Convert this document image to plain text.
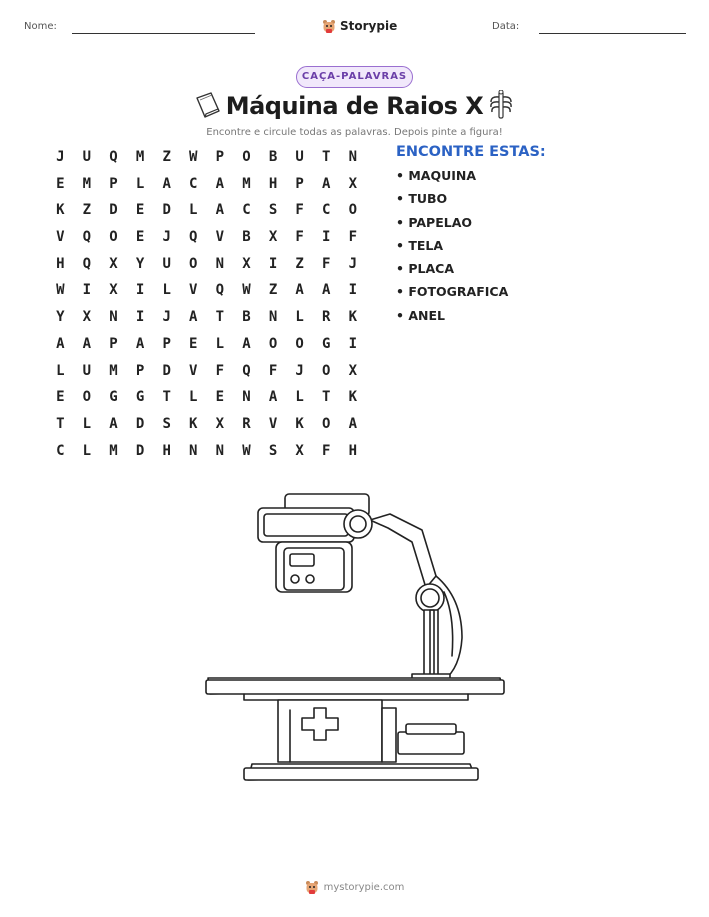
Nome:	Storypie	Data:
CAÇA-PALAVRAS
Máquina de Raios X
Encontre e circule todas as palavras. Depois pinte a figura!
J	U	Q	M	Z	W	P	O	B	U	T	N
E	M	P	L	A	C	A	M	H	P	A	X
K	Z	D	E	D	L	A	C	S	F	C	O
V	Q	O	E	J	Q	V	B	X	F	I	F
H	Q	X	Y	U	O	N	X	I	Z	F	J
W	I	X	I	L	V	Q	W	Z	A	A	I
Y	X	N	I	J	A	T	B	N	L	R	K
A	A	P	A	P	E	L	A	O	O	G	I
L	U	M	P	D	V	F	Q	F	J	O	X
E	O	G	G	T	L	E	N	A	L	T	K
T	L	A	D	S	K	X	R	V	K	O	A
C	L	M	D	H	N	N	W	S	X	F	H
ENCONTRE ESTAS:
• MAQUINA
• TUBO
• PAPELAO
• TELA
• PLACA
• FOTOGRAFICA
• ANEL
mystorypie.com
